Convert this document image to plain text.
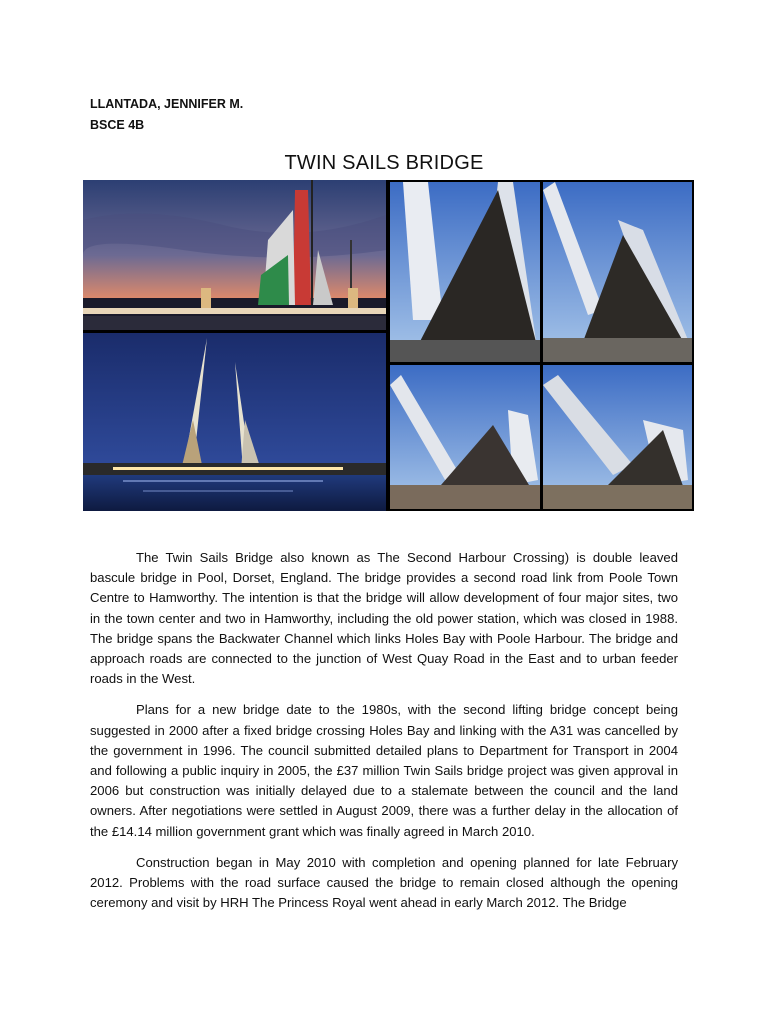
LLANTADA, JENNIFER M.
BSCE 4B
TWIN SAILS BRIDGE

The Twin Sails Bridge also known as The Second Harbour Crossing) is double leaved bascule bridge in Pool, Dorset, England. The bridge provides a second road link from Poole Town Centre to Hamworthy. The intention is that the bridge will allow development of four major sites, two in the town center and two in Hamworthy, including the old power station, which was closed in 1988. The bridge spans the Backwater Channel which links Holes Bay with Poole Harbour. The bridge and approach roads are connected to the junction of West Quay Road in the East and to urban feeder roads in the West.

Plans for a new bridge date to the 1980s, with the second lifting bridge concept being suggested in 2000 after a fixed bridge crossing Holes Bay and linking with the A31 was cancelled by the government in 1996. The council submitted detailed plans to Department for Transport in 2004 and following a public inquiry in 2005, the £37 million Twin Sails bridge project was given approval in 2006 but construction was initially delayed due to a stalemate between the council and the land owners. After negotiations were settled in August 2009, there was a further delay in the allocation of the £14.14 million government grant which was finally agreed in March 2010.

Construction began in May 2010 with completion and opening planned for late February 2012. Problems with the road surface caused the bridge to remain closed although the opening ceremony and visit by HRH The Princess Royal went ahead in early March 2012. The Bridge
